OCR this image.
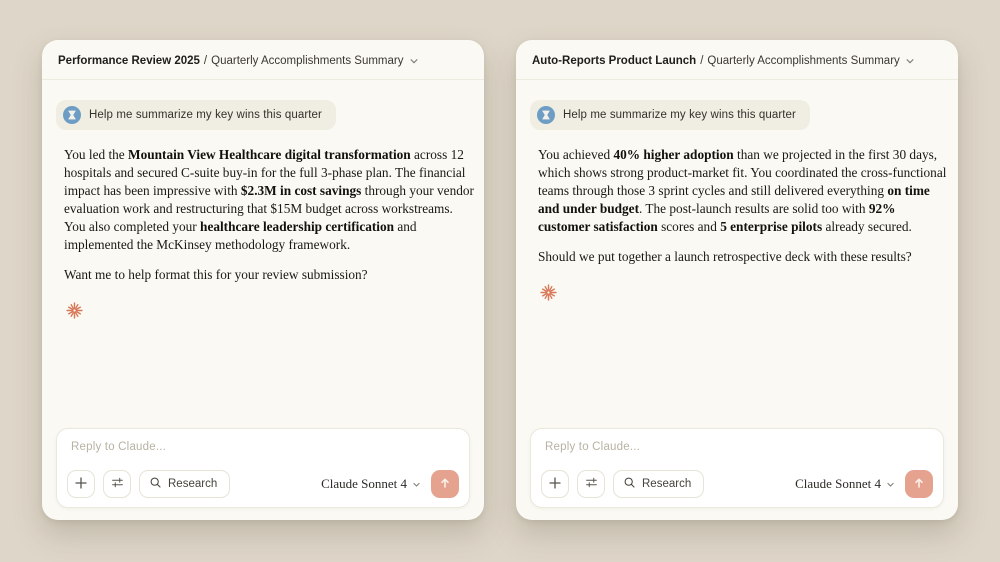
Performance Review 2025 / Quarterly Accomplishments Summary
Help me summarize my key wins this quarter

You led the Mountain View Healthcare digital transformation across 12 hospitals and secured C-suite buy-in for the full 3-phase plan. The financial impact has been impressive with $2.3M in cost savings through your vendor evaluation work and restructuring that $15M budget across workstreams. You also completed your healthcare leadership certification and implemented the McKinsey methodology framework.

Want me to help format this for your review submission?

Reply to Claude...
Research	Claude Sonnet 4
Auto-Reports Product Launch / Quarterly Accomplishments Summary
Help me summarize my key wins this quarter

You achieved 40% higher adoption than we projected in the first 30 days, which shows strong product-market fit. You coordinated the cross-functional teams through those 3 sprint cycles and still delivered everything on time and under budget. The post-launch results are solid too with 92% customer satisfaction scores and 5 enterprise pilots already secured.

Should we put together a launch retrospective deck with these results?

Reply to Claude...
Research	Claude Sonnet 4
